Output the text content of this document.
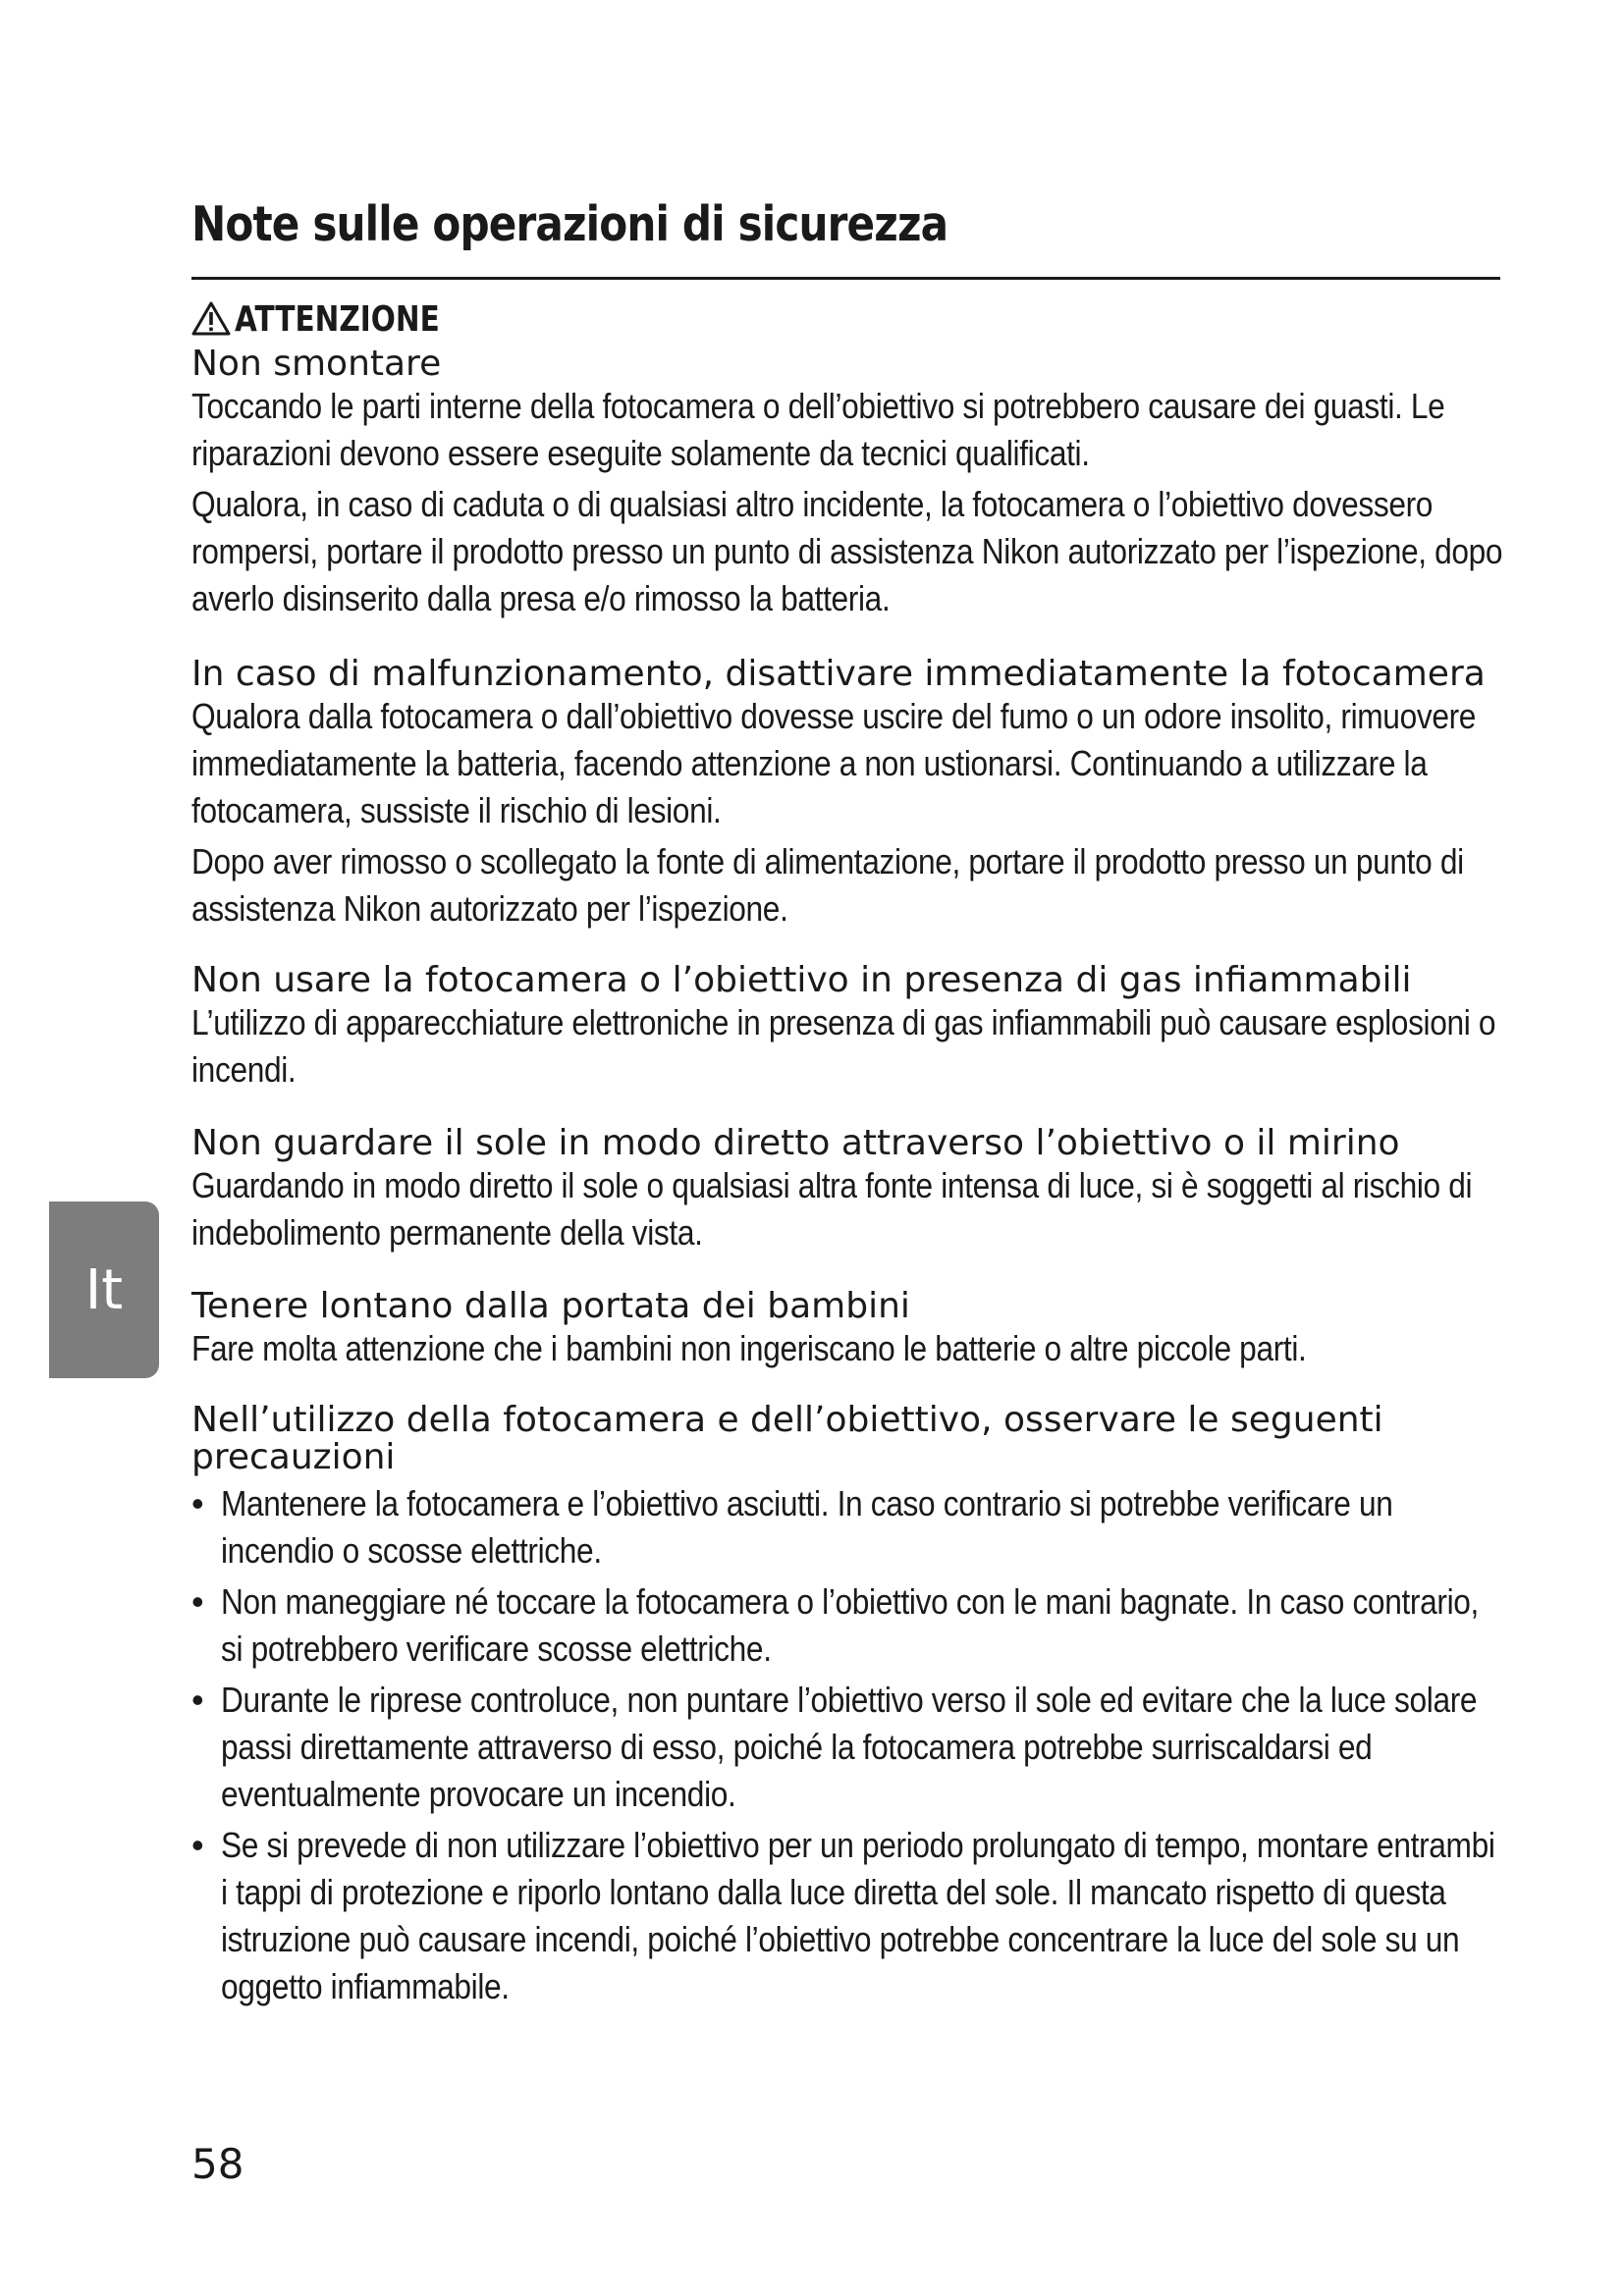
Note sulle operazioni di sicurezza
ATTENZIONE
Non smontare

Toccando le parti interne della fotocamera o dell’obiettivo si potrebbero causare dei guasti. Le riparazioni devono essere eseguite solamente da tecnici qualificati.

Qualora, in caso di caduta o di qualsiasi altro incidente, la fotocamera o l’obiettivo dovessero rompersi, portare il prodotto presso un punto di assistenza Nikon autorizzato per l’ispezione, dopo averlo disinserito dalla presa e/o rimosso la batteria.

In caso di malfunzionamento, disattivare immediatamente la fotocamera

Qualora dalla fotocamera o dall’obiettivo dovesse uscire del fumo o un odore insolito, rimuovere immediatamente la batteria, facendo attenzione a non ustionarsi. Continuando a utilizzare la fotocamera, sussiste il rischio di lesioni.

Dopo aver rimosso o scollegato la fonte di alimentazione, portare il prodotto presso un punto di assistenza Nikon autorizzato per l’ispezione.

Non usare la fotocamera o l’obiettivo in presenza di gas infiammabili

L’utilizzo di apparecchiature elettroniche in presenza di gas infiammabili può causare esplosioni o incendi.

Non guardare il sole in modo diretto attraverso l’obiettivo o il mirino

Guardando in modo diretto il sole o qualsiasi altra fonte intensa di luce, si è soggetti al rischio di indebolimento permanente della vista.

Tenere lontano dalla portata dei bambini

Fare molta attenzione che i bambini non ingeriscano le batterie o altre piccole parti.

Nell’utilizzo della fotocamera e dell’obiettivo, osservare le seguenti precauzioni
• Mantenere la fotocamera e l’obiettivo asciutti. In caso contrario si potrebbe verificare un incendio o scosse elettriche.

• Non maneggiare né toccare la fotocamera o l’obiettivo con le mani bagnate. In caso contrario, si potrebbero verificare scosse elettriche.

• Durante le riprese controluce, non puntare l’obiettivo verso il sole ed evitare che la luce solare passi direttamente attraverso di esso, poiché la fotocamera potrebbe surriscaldarsi ed eventualmente provocare un incendio.

• Se si prevede di non utilizzare l’obiettivo per un periodo prolungato di tempo, montare entrambi i tappi di protezione e riporlo lontano dalla luce diretta del sole. Il mancato rispetto di questa istruzione può causare incendi, poiché l’obiettivo potrebbe concentrare la luce del sole su un oggetto infiammabile.

It
58
